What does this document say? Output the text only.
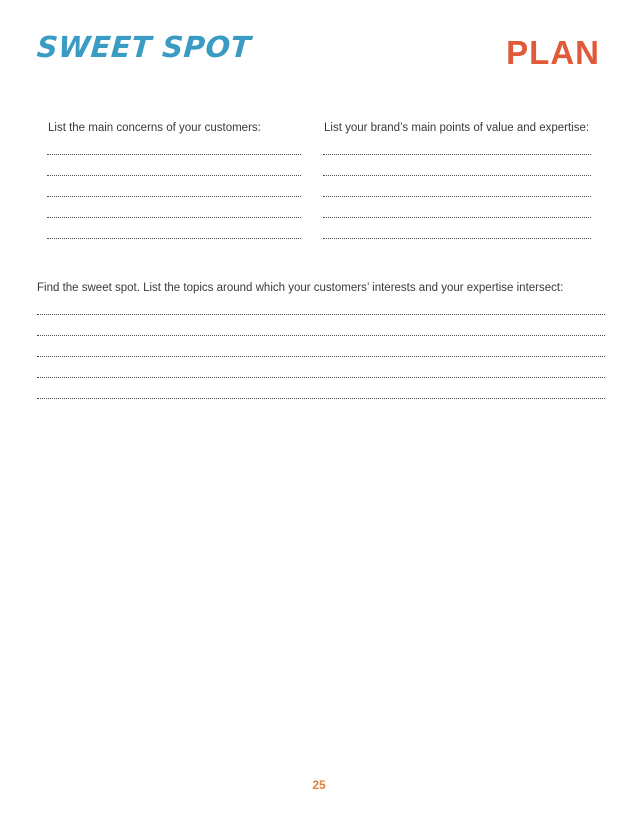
SWEET SPOT	PLAN
List the main concerns of your customers:	List your brand’s main points of value and expertise:
Find the sweet spot. List the topics around which your customers’ interests and your expertise intersect:
25
